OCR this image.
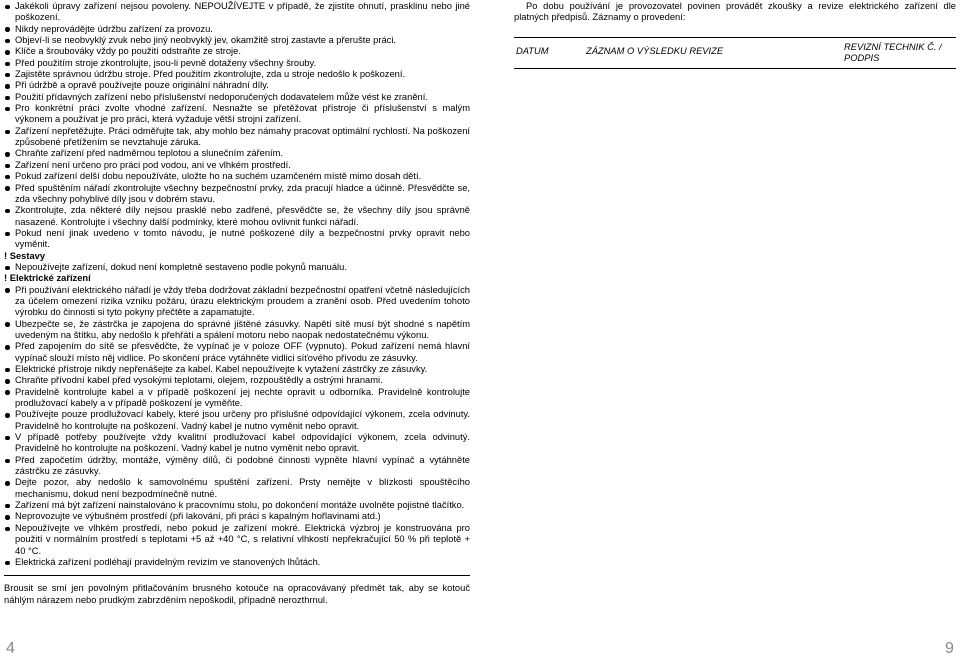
Jakékoli úpravy zařízení nejsou povoleny. NEPOUŽÍVEJTE v případě, že zjistíte ohnutí, prasklinu nebo jiné poškození.
Nikdy neprovádějte údržbu zařízení za provozu.
Objeví-li se neobvyklý zvuk nebo jiný neobvyklý jev, okamžitě stroj zastavte a přerušte práci.
Klíče a šroubováky vždy po použití odstraňte ze stroje.
Před použitím stroje zkontrolujte, jsou-li pevně dotaženy všechny šrouby.
Zajistěte správnou údržbu stroje. Před použitím zkontrolujte, zda u stroje nedošlo k poškození.
Při údržbě a opravě používejte pouze originální náhradní díly.
Použití přídavných zařízení nebo příslušenství nedoporučených dodavatelem může vést ke zranění.
Pro konkrétní práci zvolte vhodné zařízení. Nesnažte se přetěžovat přístroje či příslušenství s malým výkonem a používat je pro práci, která vyžaduje větší strojní zařízení.
Zařízení nepřetěžujte. Práci odměřujte tak, aby mohlo bez námahy pracovat optimální rychlostí. Na poškození způsobené přetížením se nevztahuje záruka.
Chraňte zařízení před nadměrnou teplotou a slunečním zářením.
Zařízení není určeno pro práci pod vodou, ani ve vlhkém prostředí.
Pokud zařízení delší dobu nepoužíváte, uložte ho na suchém uzamčeném místě mimo dosah dětí.
Před spuštěním nářadí zkontrolujte všechny bezpečnostní prvky, zda pracují hladce a účinně. Přesvědčte se, zda všechny pohyblivé díly jsou v dobrém stavu.
Zkontrolujte, zda některé díly nejsou prasklé nebo zadřené, přesvědčte se, že všechny díly jsou správně nasazené. Kontrolujte i všechny další podmínky, které mohou ovlivnit funkci nářadí.
Pokud není jinak uvedeno v tomto návodu, je nutné poškozené díly a bezpečnostní prvky opravit nebo vyměnit.
! Sestavy
Nepoužívejte zařízení, dokud není kompletně sestaveno podle pokynů manuálu.
! Elektrické zařízení
Při používání elektrického nářadí je vždy třeba dodržovat základní bezpečnostní opatření včetně následujících za účelem omezení rizika vzniku požáru, úrazu elektrickým proudem a zranění osob. Před uvedením tohoto výrobku do činnosti si tyto pokyny přečtěte a zapamatujte.
Ubezpečte se, že zástrčka je zapojena do správné jištěné zásuvky. Napětí sítě musí být shodné s napětím uvedeným na štítku, aby nedošlo k přehřátí a spálení motoru nebo naopak nedostatečnému výkonu.
Před zapojením do sítě se přesvědčte, že vypínač je v poloze OFF (vypnuto). Pokud zařízení nemá hlavní vypínač slouží místo něj vidlice. Po skončení práce vytáhněte vidlici síťového přívodu ze zásuvky.
Elektrické přístroje nikdy nepřenášejte za kabel. Kabel nepoužívejte k vytažení zástrčky ze zásuvky.
Chraňte přívodní kabel před vysokými teplotami, olejem, rozpouštědly a ostrými hranami.
Pravidelně kontrolujte kabel a v případě poškození jej nechte opravit u odborníka. Pravidelně kontrolujte prodlužovací kabely a v případě poškození je vyměňte.
Používejte pouze prodlužovací kabely, které jsou určeny pro příslušné odpovídající výkonem, zcela odvinuty. Pravidelně ho kontrolujte na poškození. Vadný kabel je nutno vyměnit nebo opravit.
V případě potřeby používejte vždy kvalitní prodlužovací kabel odpovídající výkonem, zcela odvinutý. Pravidelně ho kontrolujte na poškození. Vadný kabel je nutno vyměnit nebo opravit.
Před započetím údržby, montáže, výměny dílů, či podobné činnosti vypněte hlavní vypínač a vytáhněte zástrčku ze zásuvky.
Dejte pozor, aby nedošlo k samovolnému spuštění zařízení. Prsty nemějte v blízkosti spouštěcího mechanismu, dokud není bezpodmínečně nutné.
Zařízení má být zařízení nainstalováno k pracovnímu stolu, po dokončení montáže uvolněte pojistné tlačítko.
Neprovozujte ve výbušném prostředí (při lakování, při práci s kapalným hořlavinami atd.)
Nepoužívejte ve vlhkém prostředí, nebo pokud je zařízení mokré. Elektrická výzbroj je konstruována pro použití v normálním prostředí s teplotami +5 až +40 °C, s relativní vlhkostí nepřekračující 50 % při teplotě + 40 °C.
Elektrická zařízení podléhají pravidelným revizím ve stanovených lhůtách.
Brousit se smí jen povolným přitlačováním brusného kotouče na opracovávaný předmět tak, aby se kotouč náhlým nárazem nebo prudkým zabrzděním nepoškodil, případně nerozthrnul.
Po dobu používání je provozovatel povinen provádět zkoušky a revize elektrického zařízení dle platných předpisů. Záznamy o provedení:
DATUM	ZÁZNAM O VÝSLEDKU REVIZE	REVIZNÍ TECHNIK Č. / PODPIS
4	9
